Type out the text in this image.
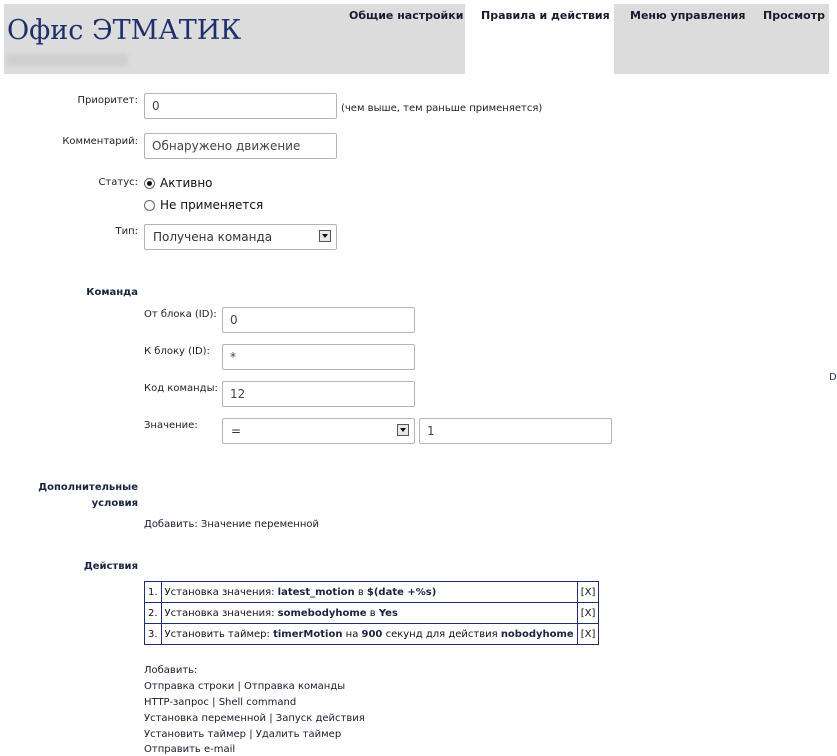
Офис ЭТМАТИК	Общие настройки Правила и действия Меню управления Просмотр
Приоритет:
0
(чем выше, тем раньше применяется)
Комментарий:
Обнаружено движение
Статус:	Активно
Не применяется
Тип:	Получена команда
Команда
От блока (ID):
0
К блоку (ID):
*
Код команды:
12
Значение:	=
1
Дополнительные
условия
Добавить: Значение переменной
Действия
1.	Установка значения: latest_motion в $(date +%s)	[X]
2.	Установка значения: somebodyhome в Yes	[X]
3.	Установить таймер: timerMotion на 900 секунд для действия nobodyhome	[X]
Лобавить:
Отправка строки | Отправка команды
HTTP-запрос | Shell command
Установка переменной | Запуск действия
Установить таймер | Удалить таймер
Отправить e-mail
D
